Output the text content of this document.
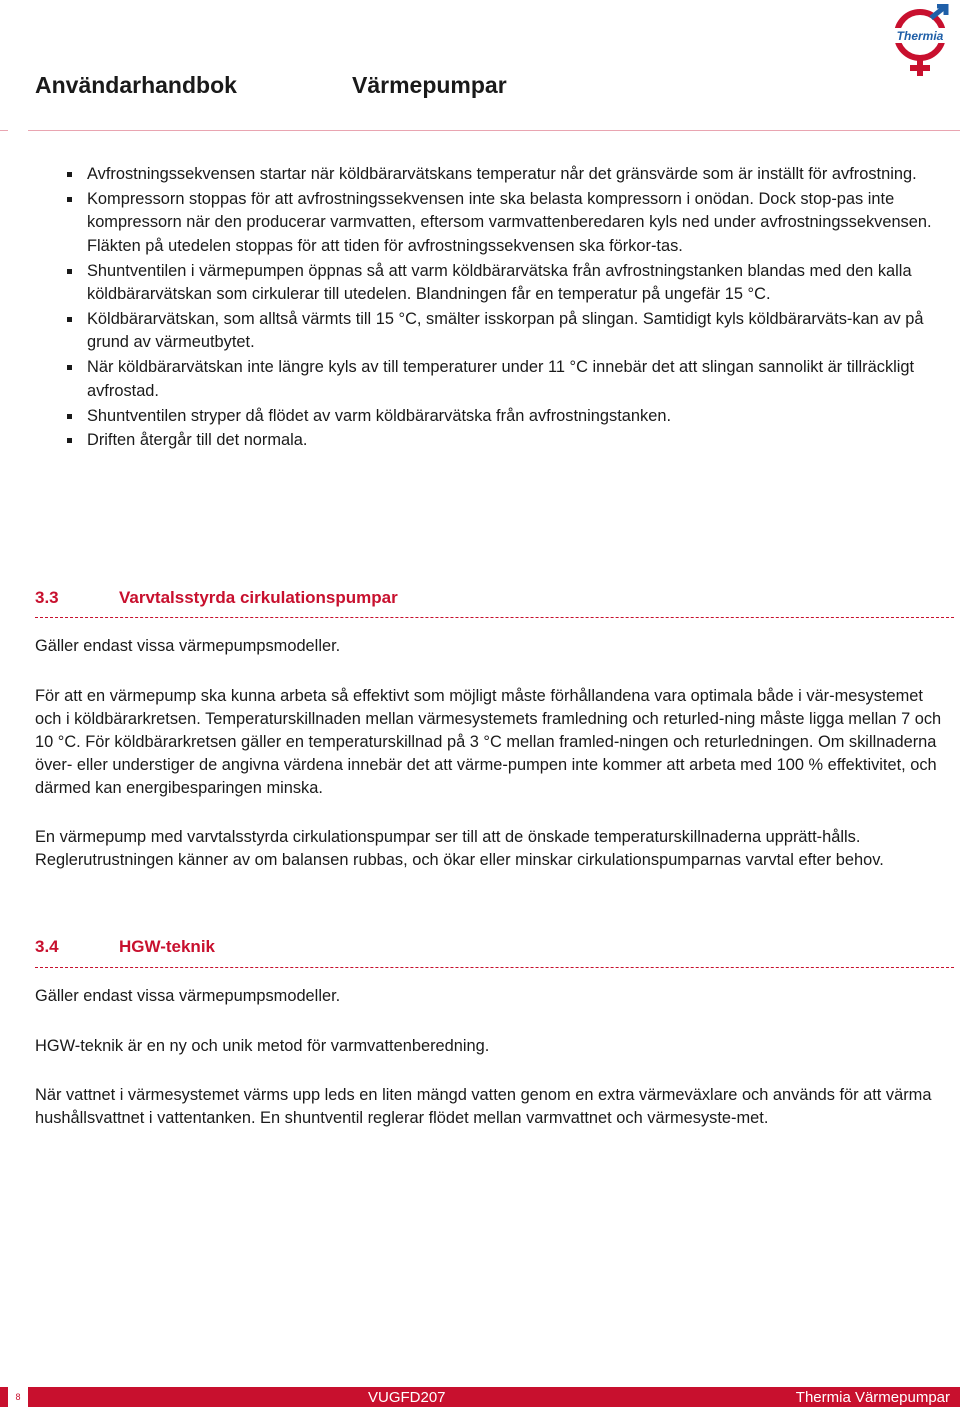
Thermia
Användarhandbok	Värmepumpar
Avfrostningssekvensen startar när köldbärarvätskans temperatur når det gränsvärde som är inställt för avfrostning.
Kompressorn stoppas för att avfrostningssekvensen inte ska belasta kompressorn i onödan. Dock stop-pas inte kompressorn när den producerar varmvatten, eftersom varmvattenberedaren kyls ned under avfrostningssekvensen. Fläkten på utedelen stoppas för att tiden för avfrostningssekvensen ska förkor-tas.
Shuntventilen i värmepumpen öppnas så att varm köldbärarvätska från avfrostningstanken blandas med den kalla köldbärarvätskan som cirkulerar till utedelen. Blandningen får en temperatur på ungefär 15 °C.
Köldbärarvätskan, som alltså värmts till 15 °C, smälter isskorpan på slingan. Samtidigt kyls köldbärarväts-kan av på grund av värmeutbytet.
När köldbärarvätskan inte längre kyls av till temperaturer under 11 °C innebär det att slingan sannolikt är tillräckligt avfrostad.
Shuntventilen stryper då flödet av varm köldbärarvätska från avfrostningstanken.
Driften återgår till det normala.
3.3	Varvtalsstyrda cirkulationspumpar

Gäller endast vissa värmepumpsmodeller.

För att en värmepump ska kunna arbeta så effektivt som möjligt måste förhållandena vara optimala både i vär-mesystemet och i köldbärarkretsen. Temperaturskillnaden mellan värmesystemets framledning och returled-ning måste ligga mellan 7 och 10 °C. För köldbärarkretsen gäller en temperaturskillnad på 3 °C mellan framled-ningen och returledningen. Om skillnaderna över- eller understiger de angivna värdena innebär det att värme-pumpen inte kommer att arbeta med 100 % effektivitet, och därmed kan energibesparingen minska.

En värmepump med varvtalsstyrda cirkulationspumpar ser till att de önskade temperaturskillnaderna upprätt-hålls. Reglerutrustningen känner av om balansen rubbas, och ökar eller minskar cirkulationspumparnas varvtal efter behov.

3.4	HGW-teknik

Gäller endast vissa värmepumpsmodeller.

HGW-teknik är en ny och unik metod för varmvattenberedning.

När vattnet i värmesystemet värms upp leds en liten mängd vatten genom en extra värmeväxlare och används för att värma hushållsvattnet i vattentanken. En shuntventil reglerar flödet mellan varmvattnet och värmesyste-met.

8	VUGFD207	Thermia Värmepumpar
